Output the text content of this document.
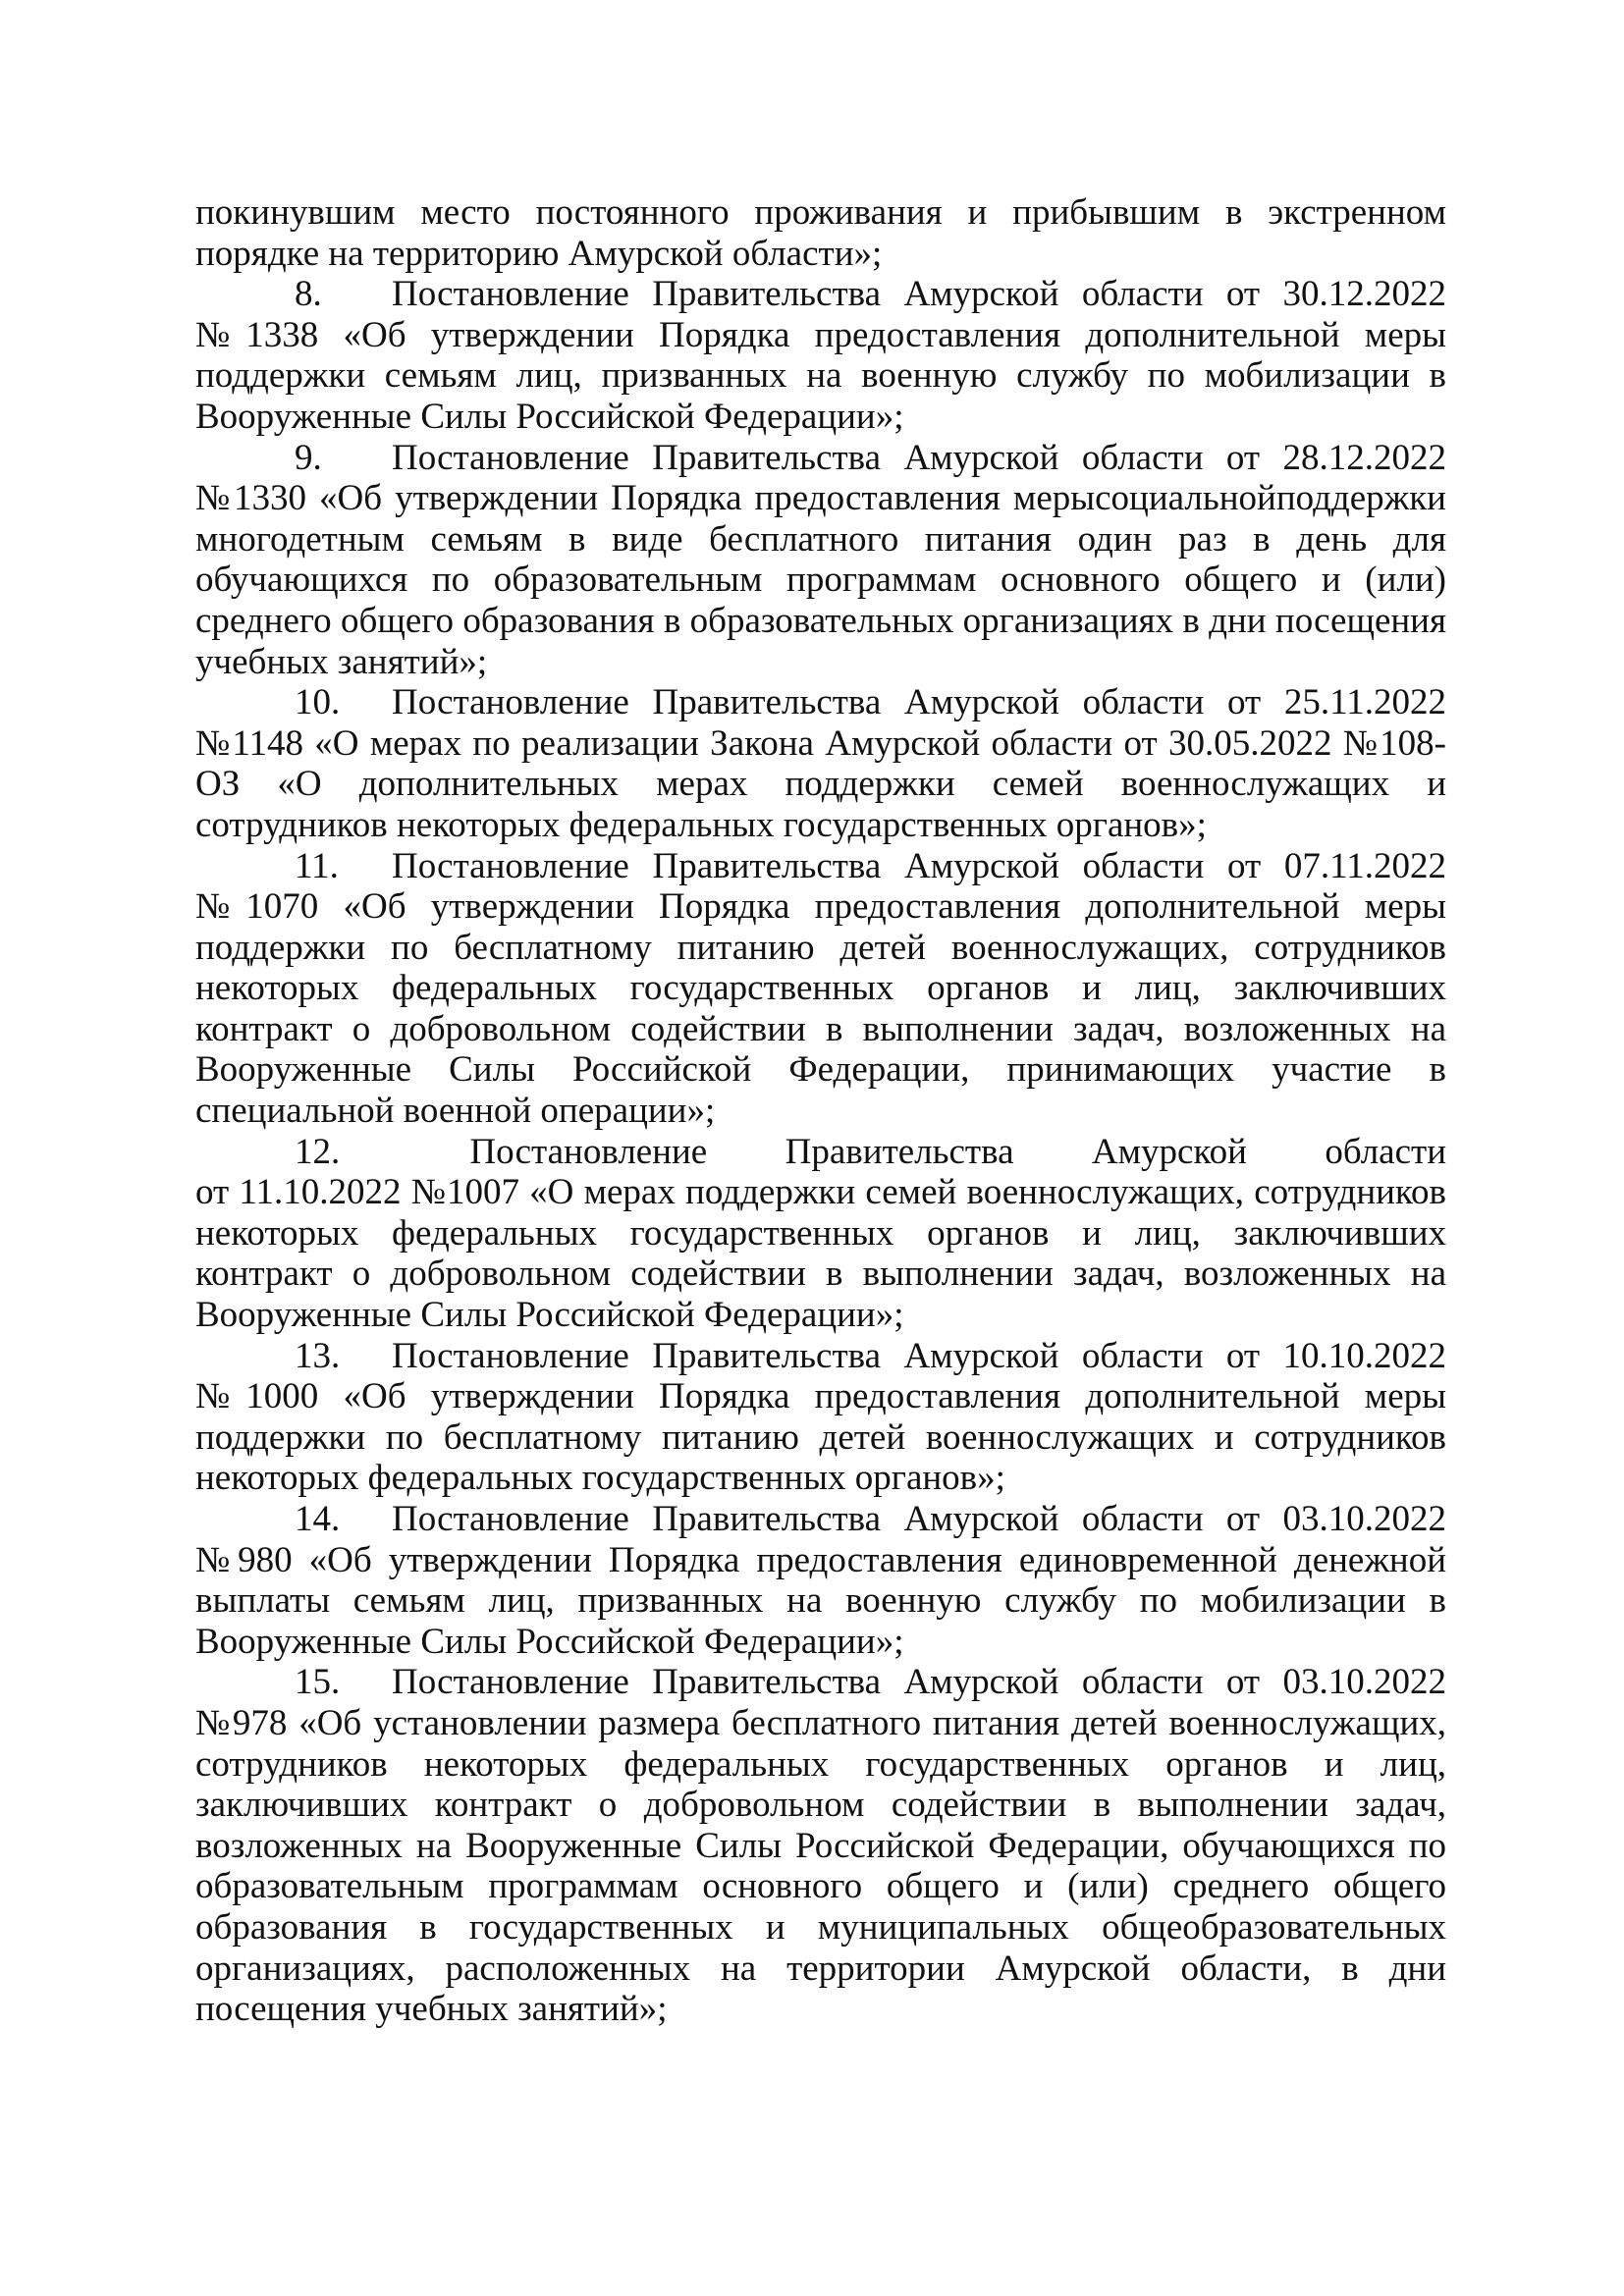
покинувшим место постоянного проживания и прибывшим в экстренном порядке на территорию Амурской области»;

8. Постановление Правительства Амурской области от 30.12.2022 №1338 «Об утверждении Порядка предоставления дополнительной меры поддержки семьям лиц, призванных на военную службу по мобилизации в Вооруженные Силы Российской Федерации»;

9. Постановление Правительства Амурской области от 28.12.2022 №1330 «Об утверждении Порядка предоставления мерысоциальнойподдержки многодетным семьям в виде бесплатного питания один раз в день для обучающихся по образовательным программам основного общего и (или) среднего общего образования в образовательных организациях в дни посещения учебных занятий»;

10. Постановление Правительства Амурской области от 25.11.2022 №1148 «О мерах по реализации Закона Амурской области от 30.05.2022 №108-ОЗ «О дополнительных мерах поддержки семей военнослужащих и сотрудников некоторых федеральных государственных органов»;

11. Постановление Правительства Амурской области от 07.11.2022 №1070 «Об утверждении Порядка предоставления дополнительной меры поддержки по бесплатному питанию детей военнослужащих, сотрудников некоторых федеральных государственных органов и лиц, заключивших контракт о добровольном содействии в выполнении задач, возложенных на Вооруженные Силы Российской Федерации, принимающих участие в специальной военной операции»;

12.	Постановление Правительства Амурской области

от 11.10.2022 №1007 «О мерах поддержки семей военнослужащих, сотрудников некоторых федеральных государственных органов и лиц, заключивших контракт о добровольном содействии в выполнении задач, возложенных на Вооруженные Силы Российской Федерации»;

13. Постановление Правительства Амурской области от 10.10.2022 №1000 «Об утверждении Порядка предоставления дополнительной меры поддержки по бесплатному питанию детей военнослужащих и сотрудников некоторых федеральных государственных органов»;

14. Постановление Правительства Амурской области от 03.10.2022 №980 «Об утверждении Порядка предоставления единовременной денежной выплаты семьям лиц, призванных на военную службу по мобилизации в Вооруженные Силы Российской Федерации»;

15. Постановление Правительства Амурской области от 03.10.2022 №978 «Об установлении размера бесплатного питания детей военнослужащих, сотрудников некоторых федеральных государственных органов и лиц, заключивших контракт о добровольном содействии в выполнении задач, возложенных на Вооруженные Силы Российской Федерации, обучающихся по образовательным программам основного общего и (или) среднего общего образования в государственных и муниципальных общеобразовательных организациях, расположенных на территории Амурской области, в дни посещения учебных занятий»;
